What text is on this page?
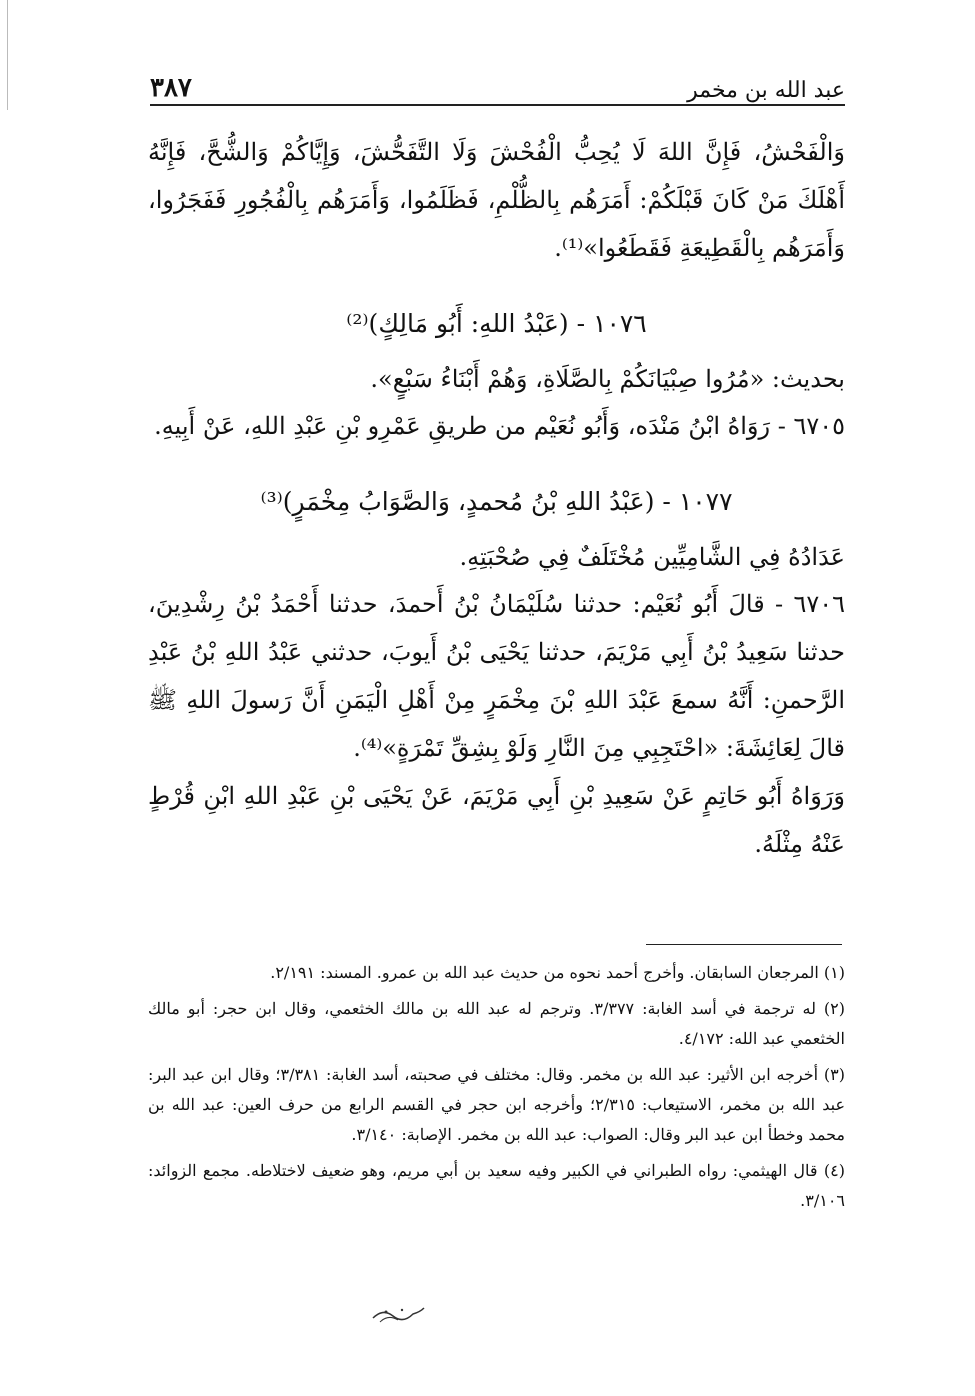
عبد الله بن مخمر
٣٨٧

وَالْفَحْشُ، فَإِنَّ اللهَ لَا يُحِبُّ الْفُحْشَ وَلَا التَّفَحُّشَ، وَإِيَّاكُمْ وَالشُّحَّ، فَإِنَّهُ أَهْلَكَ مَنْ كَانَ قَبْلَكُمْ: أَمَرَهُم بِالظُّلْمِ، فَظَلَمُوا، وَأَمَرَهُم بِالْفُجُورِ فَفَجَرُوا، وَأَمَرَهُم بِالْقَطِيعَةِ فَقَطَعُوا»⁽¹⁾.

١٠٧٦ - (عَبْدُ اللهِ: أَبُو مَالِكٍ)⁽²⁾

بحديث: «مُرُوا صِبْيَانَكُمْ بِالصَّلَاةِ، وَهُمْ أَبْنَاءُ سَبْعٍ».

٦٧٠٥ - رَوَاهُ ابْنُ مَنْدَه، وَأَبُو نُعَيْم من طريقِ عَمْرِو بْنِ عَبْدِ اللهِ، عَنْ أَبِيهِ.

١٠٧٧ - (عَبْدُ اللهِ بْنُ مُحمدٍ، وَالصَّوَابُ مِخْمَرٍ)⁽³⁾

عَدَادُهُ فِي الشَّامِيِّين مُخْتَلَفٌ فِي صُحْبَتِهِ.

٦٧٠٦ - قالَ أَبُو نُعَيْم: حدثنا سُلَيْمَانُ بْنُ أَحمدَ، حدثنا أَحْمَدُ بْنُ رِشْدِينَ، حدثنا سَعِيدُ بْنُ أَبِي مَرْيَمَ، حدثنا يَحْيَى بْنُ أَيوبَ، حدثني عَبْدُ اللهِ بْنُ عَبْدِ الرَّحمنِ: أَنَّهُ سمعَ عَبْدَ اللهِ بْنَ مِخْمَرٍ مِنْ أَهْلِ الْيَمَنِ أَنَّ رَسولَ اللهِ ﷺ قالَ لِعَائِشَةَ: «احْتَجِبِي مِنَ النَّارِ وَلَوْ بِشِقِّ تَمْرَةٍ»⁽⁴⁾.

وَرَوَاهُ أَبُو حَاتِمٍ عَنْ سَعِيدِ بْنِ أَبِي مَرْيَمَ، عَنْ يَحْيَى بْنِ عَبْدِ اللهِ ابْنِ قُرْطٍ عَنْهُ مِثْلَهُ.

(١) المرجعان السابقان. وأخرج أحمد نحوه من حديث عبد الله بن عمرو. المسند: ٢/١٩١.

(٢) له ترجمة في أسد الغابة: ٣/٣٧٧. وترجم له عبد الله بن مالك الخثعمي، وقال ابن حجر: أبو مالك الخثعمي عبد الله: ٤/١٧٢.

(٣) أخرجه ابن الأثير: عبد الله بن مخمر. وقال: مختلف في صحبته، أسد الغابة: ٣/٣٨١؛ وقال ابن عبد البر: عبد الله بن مخمر، الاستيعاب: ٢/٣١٥؛ وأخرجه ابن حجر في القسم الرابع من حرف العين: عبد الله بن محمد وخطأ ابن عبد البر وقال: الصواب: عبد الله بن مخمر. الإصابة: ٣/١٤٠.

(٤) قال الهيثمي: رواه الطبراني في الكبير وفيه سعيد بن أبي مريم، وهو ضعيف لاختلاطه. مجمع الزوائد: ٣/١٠٦.
